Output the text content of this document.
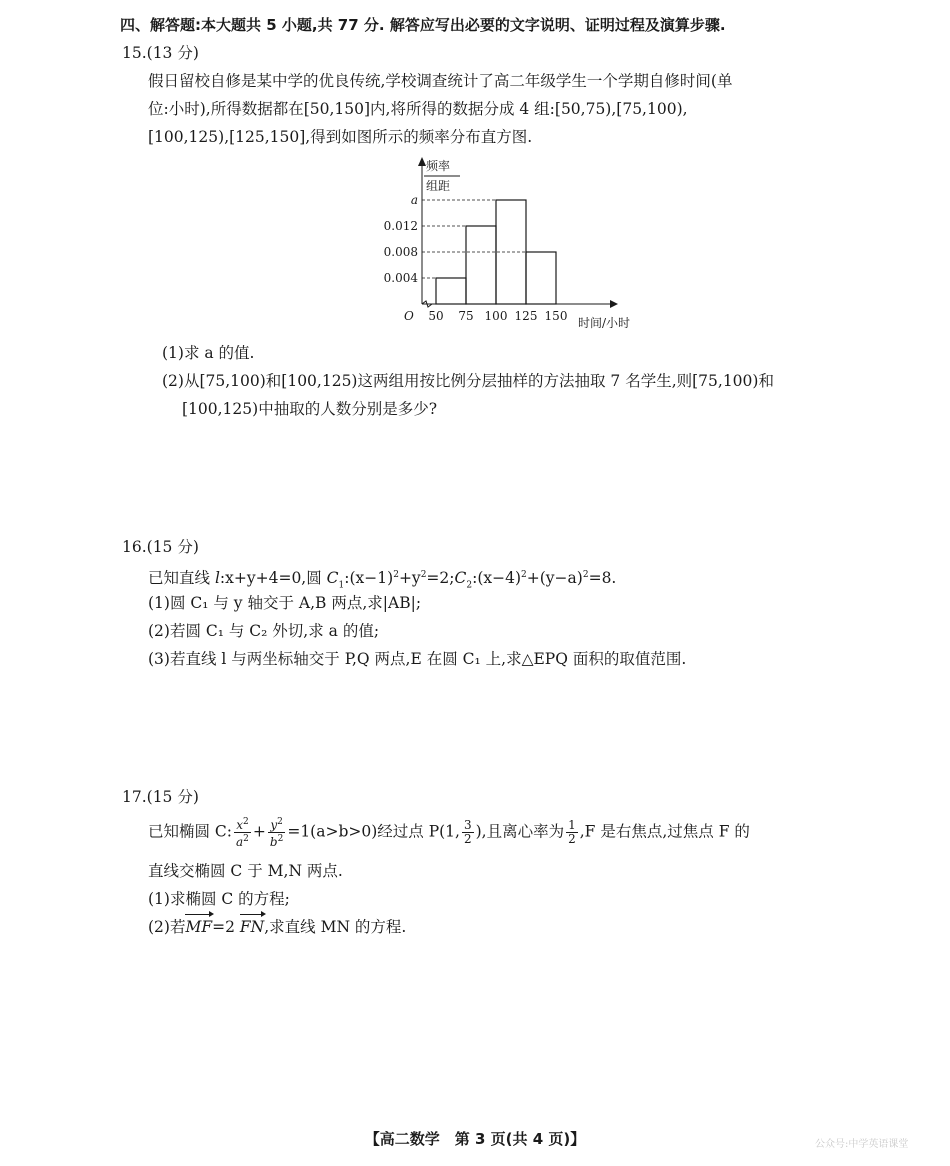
四、解答题:本大题共 5 小题,共 77 分. 解答应写出必要的文字说明、证明过程及演算步骤.
15.(13 分)
假日留校自修是某中学的优良传统,学校调查统计了高二年级学生一个学期自修时间(单
位:小时),所得数据都在[50,150]内,将所得的数据分成 4 组:[50,75),[75,100),
[100,125),[125,150],得到如图所示的频率分布直方图.
频率
组距
0.004
0.008
0.012
a
50 75 100 125 150
O	时间/小时
(1)求 a 的值.
(2)从[75,100)和[100,125)这两组用按比例分层抽样的方法抽取 7 名学生,则[75,100)和
[100,125)中抽取的人数分别是多少?
16.(15 分)
已知直线 l:x+y+4=0,圆 $C_1:(x-1)^2+y^2=2;C_2:(x-4)^2+(y-a)^2=8$.
(1)圆 C₁ 与 y 轴交于 A,B 两点,求|AB|;
(2)若圆 C₁ 与 C₂ 外切,求 a 的值;
(3)若直线 l 与两坐标轴交于 P,Q 两点,E 在圆 C₁ 上,求△EPQ 面积的取值范围.
17.(15 分)
已知椭圆 C: $\frac{x^2}{a^2} + \frac{y^2}{b^2} =1(a>b>0)$经过点 P(1, $\frac{3}{2}$ ),且离心率为 $\frac{1}{2} ,F$ 是右焦点,过焦点 F 的
直线交椭圆 C 于 M,N 两点.
(1)求椭圆 C 的方程;
(2)若MF=2 FN,求直线 MN 的方程.
【高二数学　第 3 页(共 4 页)】	公众号:中学英语课堂
